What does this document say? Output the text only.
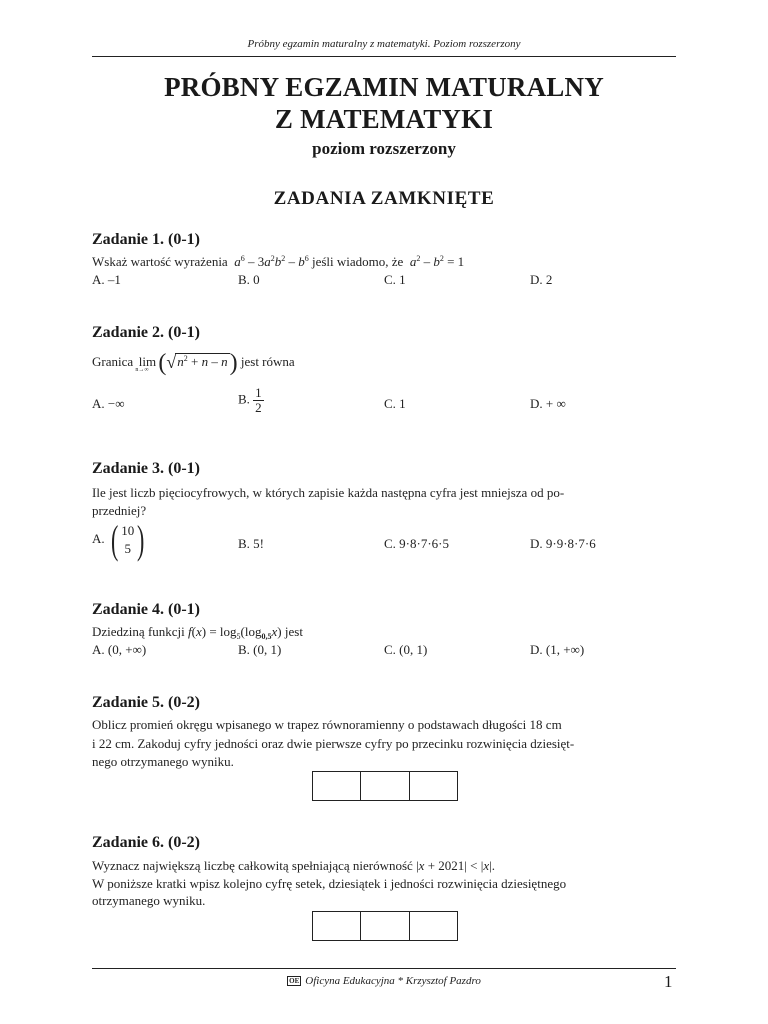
Próbny egzamin maturalny z matematyki. Poziom rozszerzony
PRÓBNY EGZAMIN MATURALNY
Z MATEMATYKI
poziom rozszerzony
ZADANIA ZAMKNIĘTE
Zadanie 1. (0-1)
Wskaż wartość wyrażenia $a^6 - 3a^2b^2 - b^6$ jeśli wiadomo, że $a^2 - b^2 = 1$
A. –1	B. 0	C. 1	D. 2
Zadanie 2. (0-1)
Granica lim
n→∞ $(√n^2 + n - n)$ jest równa
A. −∞	B. $\frac{1}{2}$	C. 1	D. + ∞
Zadanie 3. (0-1)
Ile jest liczb pięciocyfrowych, w których zapisie każda następna cyfra jest mniejsza od po-
przedniej?
A. ( 10
5 )	B. 5!	C. 9·8·7·6·5	D. 9·9·8·7·6
Zadanie 4. (0-1)
Dziedziną funkcji $f(x) = \log_5(\log_{0,5}x)$ jest
A. (0, +∞)	B. (0, 1)	C. (0, 1)	D. (1, +∞)
Zadanie 5. (0-2)
Oblicz promień okręgu wpisanego w trapez równoramienny o podstawach długości 18 cm
i 22 cm. Zakoduj cyfry jedności oraz dwie pierwsze cyfry po przecinku rozwinięcia dziesięt-
nego otrzymanego wyniku.
Zadanie 6. (0-2)
Wyznacz największą liczbę całkowitą spełniającą nierówność |x + 2021| < |x|.
W poniższe kratki wpisz kolejno cyfrę setek, dziesiątek i jedności rozwinięcia dziesiętnego
otrzymanego wyniku.
OE Oficyna Edukacyjna * Krzysztof Pazdro	1
